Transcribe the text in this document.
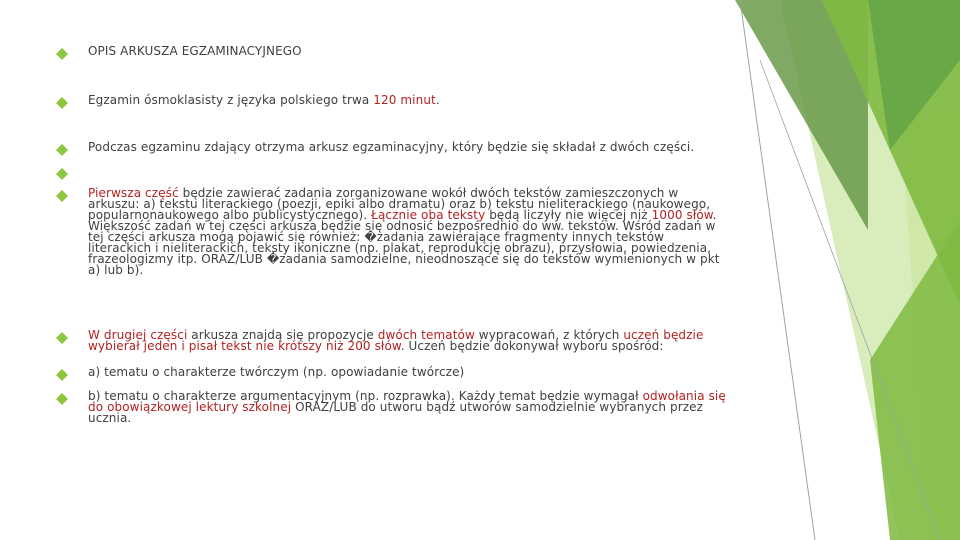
OPIS ARKUSZA EGZAMINACYJNEGO
Egzamin ósmoklasisty z języka polskiego trwa 120 minut.
Podczas egzaminu zdający otrzyma arkusz egzaminacyjny, który będzie się składał z dwóch części.
Pierwsza część będzie zawierać zadania zorganizowane wokół dwóch tekstów zamieszczonych w arkuszu: a) tekstu literackiego (poezji, epiki albo dramatu) oraz b) tekstu nieliterackiego (naukowego, popularnonaukowego albo publicystycznego). Łącznie oba teksty będą liczyły nie więcej niż 1000 słów. Większość zadań w tej części arkusza będzie się odnosić bezpośrednio do ww. tekstów. Wśród zadań w tej części arkusza mogą pojawić się również: �zadania zawierające fragmenty innych tekstów literackich i nieliterackich, teksty ikoniczne (np. plakat, reprodukcję obrazu), przysłowia, powiedzenia, frazeologizmy itp. ORAZ/LUB �zadania samodzielne, nieodnoszące się do tekstów wymienionych w pkt a) lub b).
W drugiej części arkusza znajdą się propozycje dwóch tematów wypracowań, z których uczeń będzie wybierał jeden i pisał tekst nie krótszy niż 200 słów. Uczeń będzie dokonywał wyboru spośród:
a) tematu o charakterze twórczym (np. opowiadanie twórcze)
b) tematu o charakterze argumentacyjnym (np. rozprawka). Każdy temat będzie wymagał odwołania się do obowiązkowej lektury szkolnej ORAZ/LUB do utworu bądź utworów samodzielnie wybranych przez ucznia.
